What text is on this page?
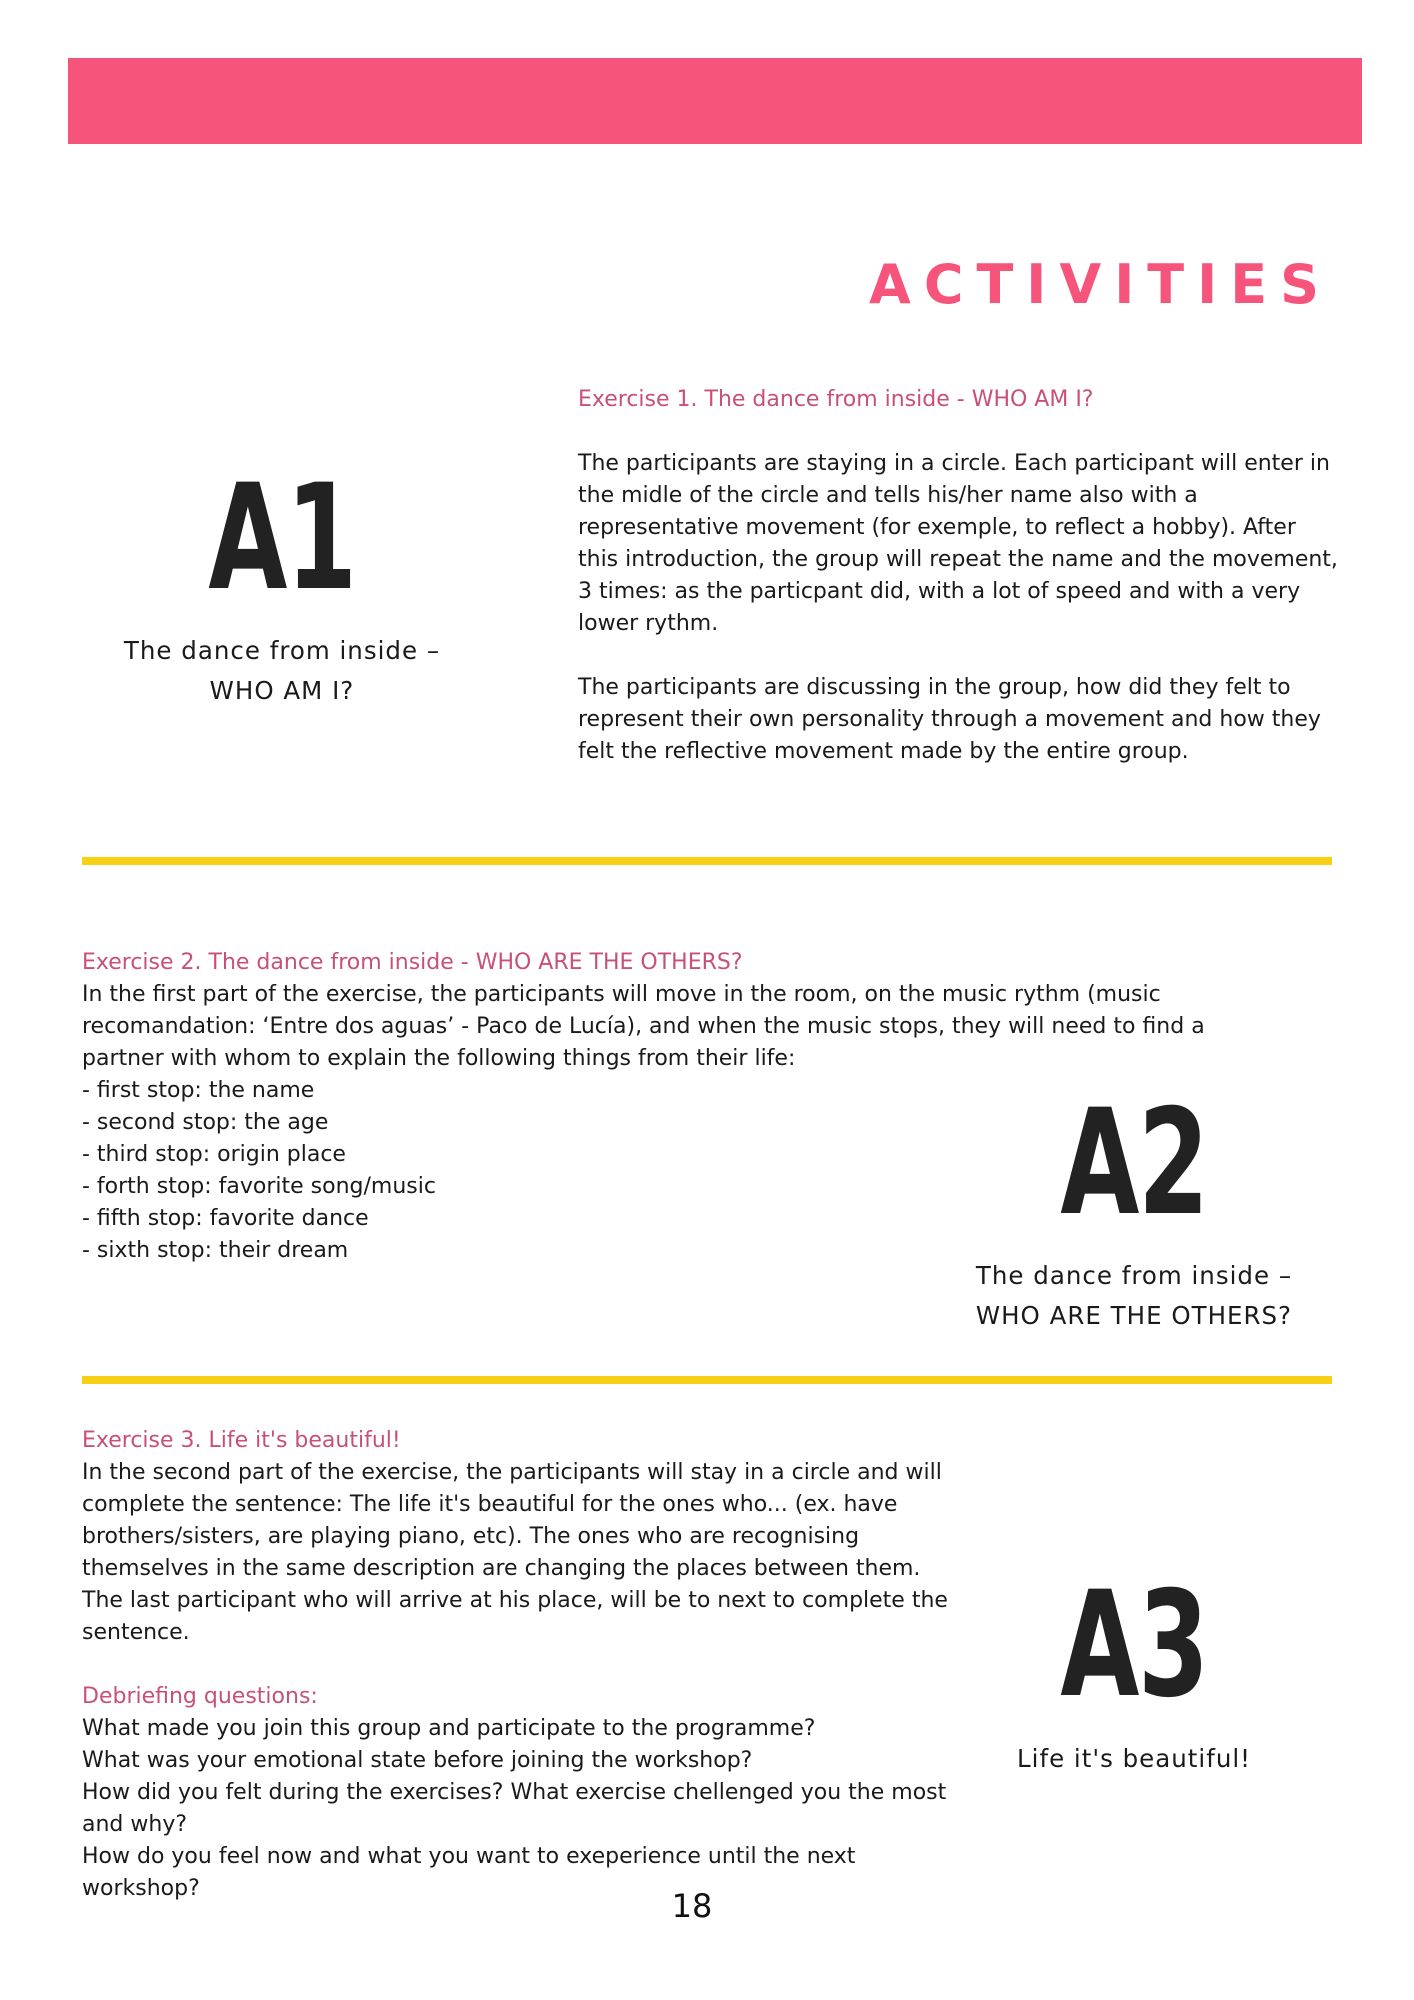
ACTIVITIES
A1
The dance from inside –
WHO AM I?
Exercise 1. The dance from inside - WHO AM I?

The participants are staying in a circle. Each participant will enter in the midle of the circle and tells his/her name also with a representative movement (for exemple, to reflect a hobby). After this introduction, the group will repeat the name and the movement, 3 times: as the particpant did, with a lot of speed and with a very lower rythm.

The participants are discussing in the group, how did they felt to represent their own personality through a movement and how they felt the reflective movement made by the entire group.

Exercise 2. The dance from inside - WHO ARE THE OTHERS?
In the first part of the exercise, the participants will move in the room, on the music rythm (music recomandation: ‘Entre dos aguas’ - Paco de Lucía), and when the music stops, they will need to find a partner with whom to explain the following things from their life:
- first stop: the name
- second stop: the age
- third stop: origin place
- forth stop: favorite song/music
- fifth stop: favorite dance
- sixth stop: their dream
A2
The dance from inside –
WHO ARE THE OTHERS?
Exercise 3. Life it's beautiful!
In the second part of the exercise, the participants will stay in a circle and will complete the sentence: The life it's beautiful for the ones who... (ex. have brothers/sisters, are playing piano, etc). The ones who are recognising themselves in the same description are changing the places between them. The last participant who will arrive at his place, will be to next to complete the sentence.
Debriefing questions:

What made you join this group and participate to the programme?

What was your emotional state before joining the workshop?

How did you felt during the exercises? What exercise chellenged you the most and why?

How do you feel now and what you want to exeperience until the next workshop?

A3
Life it's beautiful!
18
